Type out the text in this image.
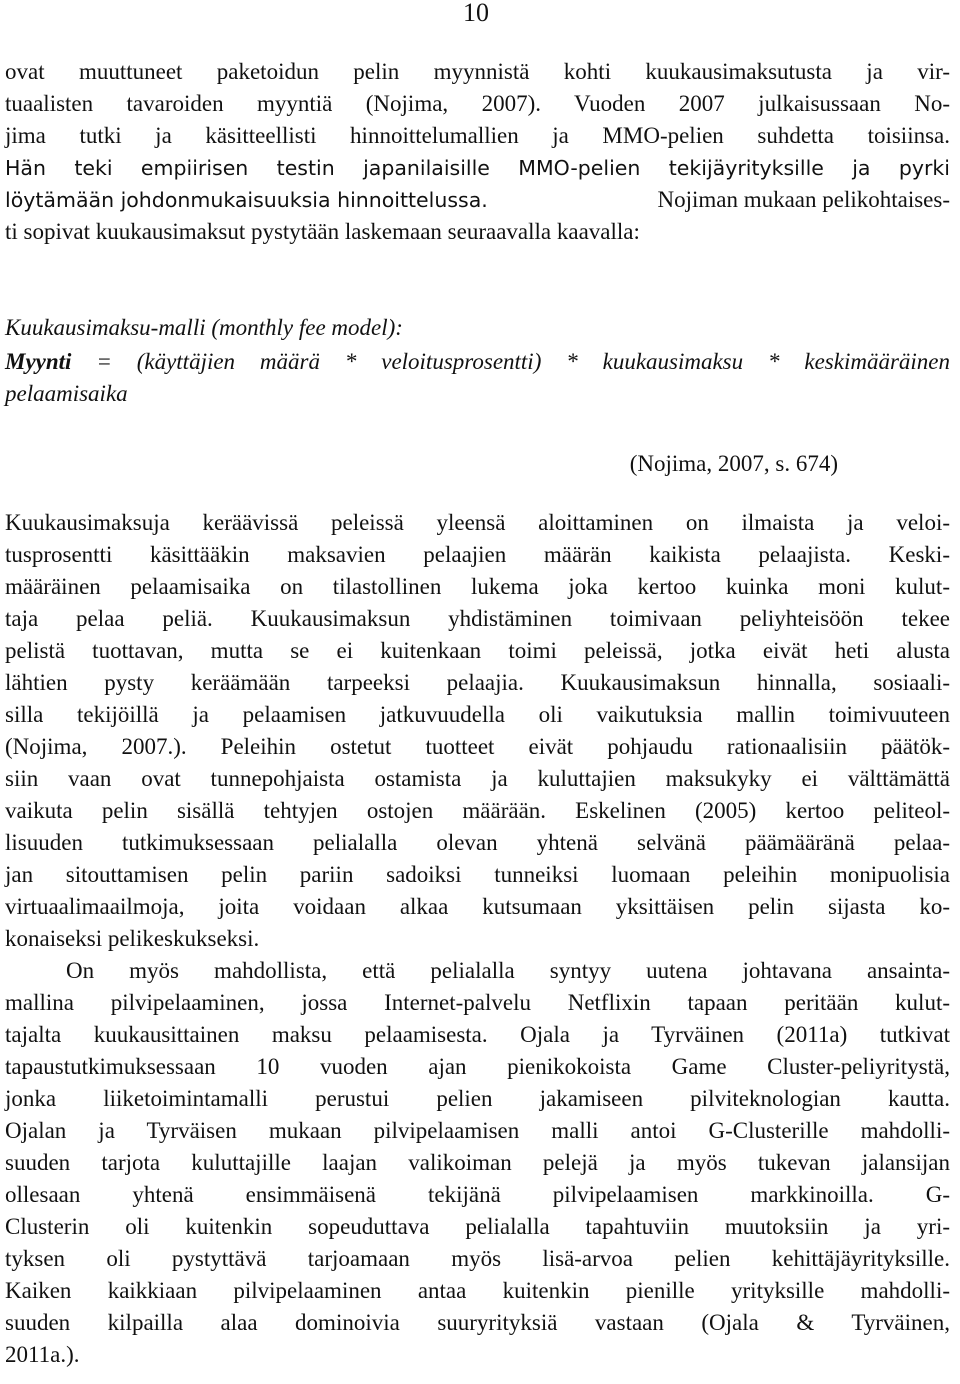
10
ovat muuttuneet paketoidun pelin myynnistä kohti kuukausimaksutusta ja vir-
tuaalisten tavaroiden myyntiä (Nojima, 2007). Vuoden 2007 julkaisussaan No-
jima tutki ja käsitteellisti hinnoittelumallien ja MMO-pelien suhdetta toisiinsa.
Hän teki empiirisen testin japanilaisille MMO-pelien tekijäyrityksille ja pyrki
löytämään johdonmukaisuuksia hinnoittelussa.	Nojiman mukaan pelikohtaises-
ti sopivat kuukausimaksut pystytään laskemaan seuraavalla kaavalla:
Kuukausimaksu-malli (monthly fee model):
Myynti = (käyttäjien määrä * veloitusprosentti) * kuukausimaksu * keskimääräinen
pelaamisaika
(Nojima, 2007, s. 674)
Kuukausimaksuja keräävissä peleissä yleensä aloittaminen on ilmaista ja veloi-
tusprosentti käsittääkin maksavien pelaajien määrän kaikista pelaajista. Keski-
määräinen pelaamisaika on tilastollinen lukema joka kertoo kuinka moni kulut-
taja pelaa peliä. Kuukausimaksun yhdistäminen toimivaan peliyhteisöön tekee
pelistä tuottavan, mutta se ei kuitenkaan toimi peleissä, jotka eivät heti alusta
lähtien pysty keräämään tarpeeksi pelaajia. Kuukausimaksun hinnalla, sosiaali-
silla tekijöillä ja pelaamisen jatkuvuudella oli vaikutuksia mallin toimivuuteen
(Nojima, 2007.). Peleihin ostetut tuotteet eivät pohjaudu rationaalisiin päätök-
siin vaan ovat tunnepohjaista ostamista ja kuluttajien maksukyky ei välttämättä
vaikuta pelin sisällä tehtyjen ostojen määrään. Eskelinen (2005) kertoo peliteol-
lisuuden tutkimuksessaan pelialalla olevan yhtenä selvänä päämääränä pelaa-
jan sitouttamisen pelin pariin sadoiksi tunneiksi luomaan peleihin monipuolisia
virtuaalimaailmoja, joita voidaan alkaa kutsumaan yksittäisen pelin sijasta ko-
konaiseksi pelikeskukseksi.
On myös mahdollista, että pelialalla syntyy uutena johtavana ansainta-
mallina pilvipelaaminen, jossa Internet-palvelu Netflixin tapaan peritään kulut-
tajalta kuukausittainen maksu pelaamisesta. Ojala ja Tyrväinen (2011a) tutkivat
tapaustutkimuksessaan 10 vuoden ajan pienikokoista Game Cluster-peliyritystä,
jonka liiketoimintamalli perustui pelien jakamiseen pilviteknologian kautta.
Ojalan ja Tyrväisen mukaan pilvipelaamisen malli antoi G-Clusterille mahdolli-
suuden tarjota kuluttajille laajan valikoiman pelejä ja myös tukevan jalansijan
ollesaan yhtenä ensimmäisenä tekijänä pilvipelaamisen markkinoilla. G-
Clusterin oli kuitenkin sopeuduttava pelialalla tapahtuviin muutoksiin ja yri-
tyksen oli pystyttävä tarjoamaan myös lisä-arvoa pelien kehittäjäyrityksille.
Kaiken kaikkiaan pilvipelaaminen antaa kuitenkin pienille yrityksille mahdolli-
suuden kilpailla alaa dominoivia suuryrityksiä vastaan (Ojala & Tyrväinen,
2011a.).
